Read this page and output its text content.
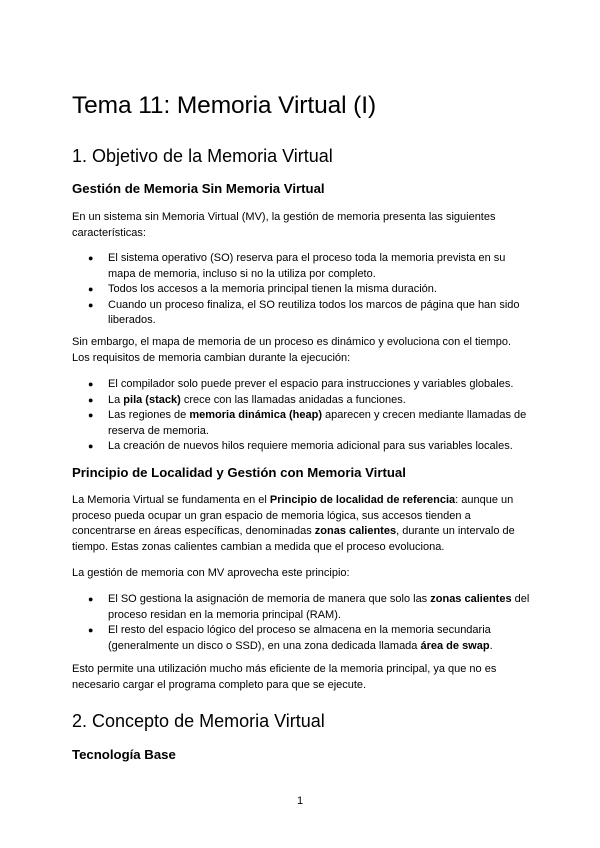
Tema 11: Memoria Virtual (I)
1. Objetivo de la Memoria Virtual
Gestión de Memoria Sin Memoria Virtual

En un sistema sin Memoria Virtual (MV), la gestión de memoria presenta las siguientes características:

● El sistema operativo (SO) reserva para el proceso toda la memoria prevista en su mapa de memoria, incluso si no la utiliza por completo.
● Todos los accesos a la memoria principal tienen la misma duración.
● Cuando un proceso finaliza, el SO reutiliza todos los marcos de página que han sido liberados.

Sin embargo, el mapa de memoria de un proceso es dinámico y evoluciona con el tiempo. Los requisitos de memoria cambian durante la ejecución:

● El compilador solo puede prever el espacio para instrucciones y variables globales.
● La pila (stack) crece con las llamadas anidadas a funciones.
● Las regiones de memoria dinámica (heap) aparecen y crecen mediante llamadas de reserva de memoria.
● La creación de nuevos hilos requiere memoria adicional para sus variables locales.
Principio de Localidad y Gestión con Memoria Virtual

La Memoria Virtual se fundamenta en el Principio de localidad de referencia: aunque un proceso pueda ocupar un gran espacio de memoria lógica, sus accesos tienden a concentrarse en áreas específicas, denominadas zonas calientes, durante un intervalo de tiempo. Estas zonas calientes cambian a medida que el proceso evoluciona.

La gestión de memoria con MV aprovecha este principio:

● El SO gestiona la asignación de memoria de manera que solo las zonas calientes del proceso residan en la memoria principal (RAM).
● El resto del espacio lógico del proceso se almacena en la memoria secundaria (generalmente un disco o SSD), en una zona dedicada llamada área de swap.

Esto permite una utilización mucho más eficiente de la memoria principal, ya que no es necesario cargar el programa completo para que se ejecute.

2. Concepto de Memoria Virtual
Tecnología Base
1
